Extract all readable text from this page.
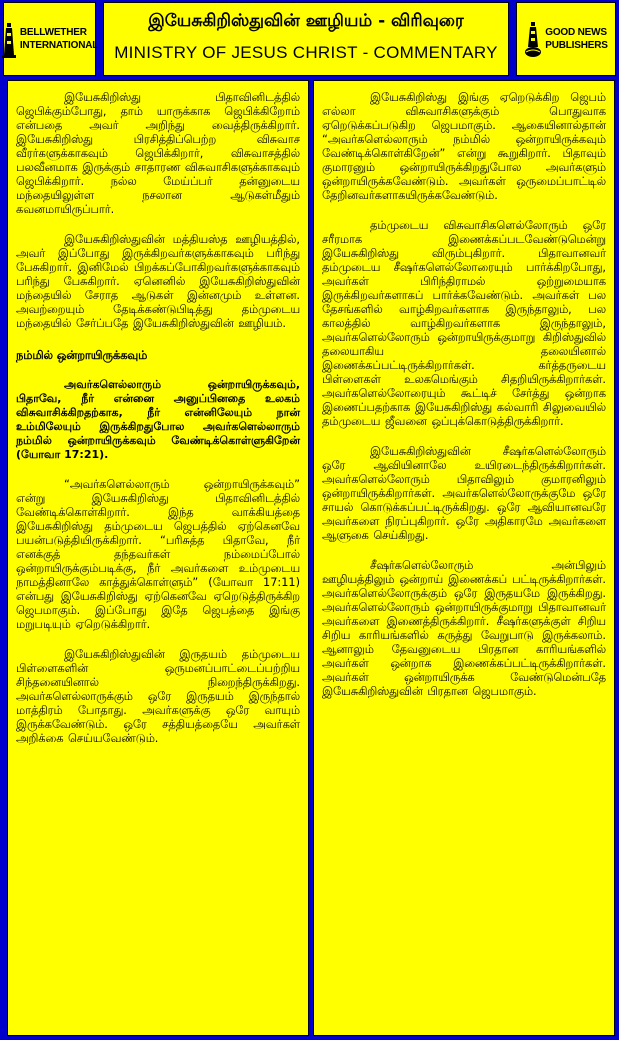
BELLWETHER
INTERNATIONAL
இயேசுகிறிஸ்துவின் ஊழியம் - விரிவுரை
MINISTRY OF JESUS CHRIST - COMMENTARY
GOOD NEWS
PUBLISHERS

இயேசுகிறிஸ்து பிதாவினிடத்தில் ஜெபிக்கும்போது, தாம் யாருக்காக ஜெபிக்கிறோம் என்பதை அவர் அறிந்து வைத்திருக்கிறார். இயேசுகிறிஸ்து பிரசித்திப்பெற்ற விசுவாச வீரர்களுக்காகவும் ஜெபிக்கிறார், விசுவாசத்தில் பலவீனமாக இருக்கும் சாதாரண விசுவாசிகளுக்காகவும் ஜெபிக்கிறார். நல்ல மேய்ப்பர் தன்னுடைய மந்தையிலுள்ள நசலான ஆடுகள்மீதும் கவனமாயிருப்பார்.

இயேசுகிறிஸ்துவின் மத்தியஸ்த ஊழியத்தில், அவர் இப்போது இருக்கிறவர்களுக்காகவும் பரிந்து பேசுகிறார். இனிமேல் பிறக்கப்போகிறவர்களுக்காகவும் பரிந்து பேசுகிறார். ஏனெனில் இயேசுகிறிஸ்துவின் மந்தையில் சேராத ஆடுகள் இன்னமும் உள்ளன. அவற்றையும் தேடிக்கண்டுபிடித்து தம்முடைய மந்தையில் சேர்ப்பதே இயேசுகிறிஸ்துவின் ஊழியம்.

நம்மில் ஒன்றாயிருக்கவும்

அவர்களெல்லாரும் ஒன்றாயிருக்கவும், பிதாவே, நீர் என்னை அனுப்பினதை உலகம் விசுவாசிக்கிறதற்காக, நீர் என்னிலேயும் நான் உம்மிலேயும் இருக்கிறதுபோல அவர்களெல்லாரும் நம்மில் ஒன்றாயிருக்கவும் வேண்டிக்கொள்ளுகிறேன் (யோவா 17:21).

“அவர்களெல்லாரும் ஒன்றாயிருக்கவும்” என்று இயேசுகிறிஸ்து பிதாவினிடத்தில் வேண்டிக்கொள்கிறார். இந்த வாக்கியத்தை இயேசுகிறிஸ்து தம்முடைய ஜெபத்தில் ஏற்கெனவே பயன்படுத்தியிருக்கிறார். “பரிசுத்த பிதாவே, நீர் எனக்குத் தந்தவர்கள் நம்மைப்போல் ஒன்றாயிருக்கும்படிக்கு, நீர் அவர்களை உம்முடைய நாமத்தினாலே காத்துக்கொள்ளும்” (யோவா 17:11) என்பது இயேசுகிறிஸ்து ஏற்கெனவே ஏறெடுத்திருக்கிற ஜெபமாகும். இப்போது இதே ஜெபத்தை இங்கு மறுபடியும் ஏறெடுக்கிறார்.

இயேசுகிறிஸ்துவின் இருதயம் தம்முடைய பிள்ளைகளின் ஒருமனப்பாட்டைப்பற்றிய சிந்தனையினால் நிறைந்திருக்கிறது. அவர்களெல்லாருக்கும் ஒரே இருதயம் இருந்தால் மாத்திரம் போதாது. அவர்களுக்கு ஒரே வாயும் இருக்கவேண்டும். ஒரே சத்தியத்தையே அவர்கள் அறிக்கை செய்யவேண்டும்.

இயேசுகிறிஸ்து இங்கு ஏறெடுக்கிற ஜெபம் எல்லா விசுவாசிகளுக்கும் பொதுவாக ஏறெடுக்கப்படுகிற ஜெபமாகும். ஆகையினால்தான் “அவர்களெல்லாரும் நம்மில் ஒன்றாயிருக்கவும் வேண்டிக்கொள்கிறேன்” என்று கூறுகிறார். பிதாவும் குமாரனும் ஒன்றாயிருக்கிறதுபோல அவர்களும் ஒன்றாயிருக்கவேண்டும். அவர்கள் ஒருமைப்பாட்டில் தேறினவர்களாகயிருக்கவேண்டும்.

தம்முடைய விசுவாசிகளெல்லோரும் ஒரே சரீரமாக இணைக்கப்படவேண்டுமென்று இயேசுகிறிஸ்து விரும்புகிறார். பிதாவானவர் தம்முடைய சீஷர்களெல்லோரையும் பார்க்கிறபோது, அவர்கள் பிரிந்திராமல் ஒற்றுமையாக இருக்கிறவர்களாகப் பார்க்கவேண்டும். அவர்கள் பல தேசங்களில் வாழ்கிறவர்களாக இருந்தாலும், பல காலத்தில் வாழ்கிறவர்களாக இருந்தாலும், அவர்களெல்லோரும் ஒன்றாயிருக்குமாறு கிறிஸ்துவில் தலையாகிய தலையினால் இணைக்கப்பட்டிருக்கிறார்கள். கர்த்தருடைய பிள்ளைகள் உலகமெங்கும் சிதறியிருக்கிறார்கள். அவர்களெல்லோரையும் கூட்டிச் சேர்த்து ஒன்றாக இணைப்பதற்காக இயேசுகிறிஸ்து கல்வாரி சிலுவையில் தம்முடைய ஜீவனை ஒப்புக்கொடுத்திருக்கிறார்.

இயேசுகிறிஸ்துவின் சீஷர்களெல்லோரும் ஒரே ஆவியினாலே உயிரடைந்திருக்கிறார்கள். அவர்களெல்லோரும் பிதாவிலும் குமாரனிலும் ஒன்றாயிருக்கிறார்கள். அவர்களெல்லோருக்குமே ஒரே சாயல் கொடுக்கப்பட்டிருக்கிறது. ஒரே ஆவியானவரே அவர்களை நிரப்புகிறார். ஒரே அதிகாரமே அவர்களை ஆளுகை செய்கிறது.

சீஷர்களெல்லோரும் அன்பிலும் ஊழியத்திலும் ஒன்றாய் இணைக்கப் பட்டிருக்கிறார்கள். அவர்களெல்லோருக்கும் ஒரே இருதயமே இருக்கிறது. அவர்களெல்லோரும் ஒன்றாயிருக்குமாறு பிதாவானவர் அவர்களை இணைத்திருக்கிறார். சீஷர்களுக்குள் சிறிய சிறிய காரியங்களில் கருத்து வேறுபாடு இருக்கலாம். ஆனாலும் தேவனுடைய பிரதான காரியங்களில் அவர்கள் ஒன்றாக இணைக்கப்பட்டிருக்கிறார்கள். அவர்கள் ஒன்றாயிருக்க வேண்டுமென்பதே இயேசுகிறிஸ்துவின் பிரதான ஜெபமாகும்.
